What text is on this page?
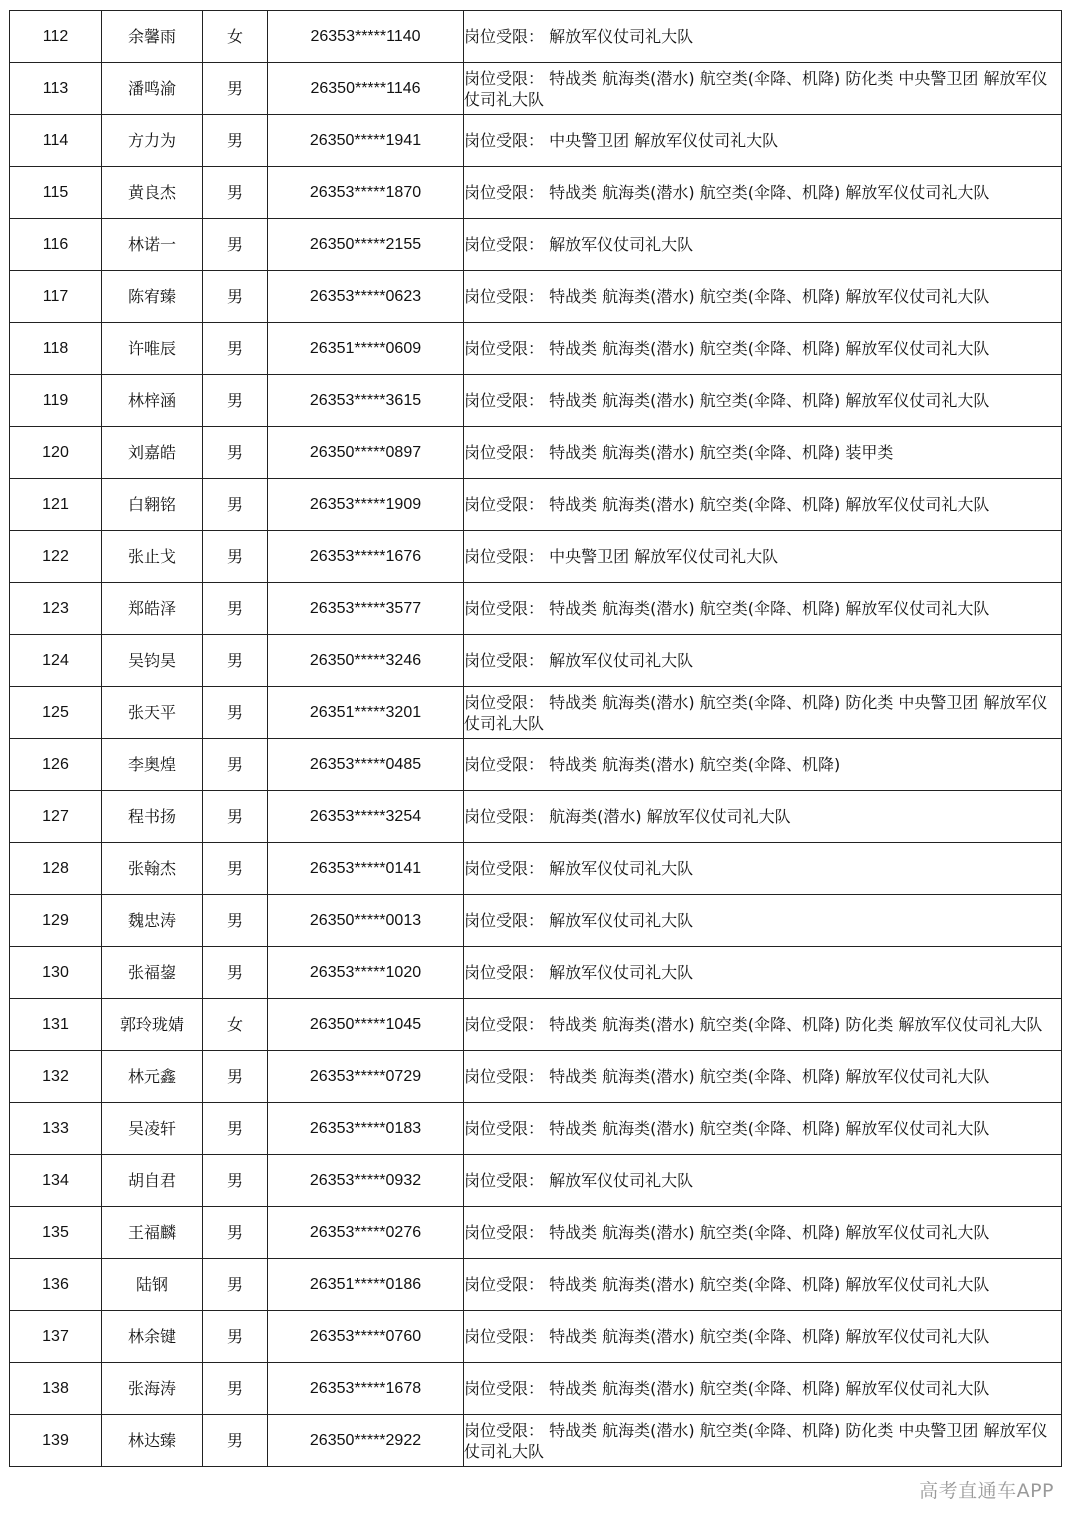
112	余馨雨	女	26353*****1140	岗位受限： 解放军仪仗司礼大队
113	潘鸣渝	男	26350*****1146	岗位受限： 特战类 航海类(潜水) 航空类(伞降、机降) 防化类 中央警卫团 解放军仪仗司礼大队
114	方力为	男	26350*****1941	岗位受限： 中央警卫团 解放军仪仗司礼大队
115	黄良杰	男	26353*****1870	岗位受限： 特战类 航海类(潜水) 航空类(伞降、机降) 解放军仪仗司礼大队
116	林诺一	男	26350*****2155	岗位受限： 解放军仪仗司礼大队
117	陈宥臻	男	26353*****0623	岗位受限： 特战类 航海类(潜水) 航空类(伞降、机降) 解放军仪仗司礼大队
118	许唯辰	男	26351*****0609	岗位受限： 特战类 航海类(潜水) 航空类(伞降、机降) 解放军仪仗司礼大队
119	林梓涵	男	26353*****3615	岗位受限： 特战类 航海类(潜水) 航空类(伞降、机降) 解放军仪仗司礼大队
120	刘嘉皓	男	26350*****0897	岗位受限： 特战类 航海类(潜水) 航空类(伞降、机降) 装甲类
121	白翱铭	男	26353*****1909	岗位受限： 特战类 航海类(潜水) 航空类(伞降、机降) 解放军仪仗司礼大队
122	张止戈	男	26353*****1676	岗位受限： 中央警卫团 解放军仪仗司礼大队
123	郑皓泽	男	26353*****3577	岗位受限： 特战类 航海类(潜水) 航空类(伞降、机降) 解放军仪仗司礼大队
124	吴钧昊	男	26350*****3246	岗位受限： 解放军仪仗司礼大队
125	张天平	男	26351*****3201	岗位受限： 特战类 航海类(潜水) 航空类(伞降、机降) 防化类 中央警卫团 解放军仪仗司礼大队
126	李奥煌	男	26353*****0485	岗位受限： 特战类 航海类(潜水) 航空类(伞降、机降)
127	程书扬	男	26353*****3254	岗位受限： 航海类(潜水) 解放军仪仗司礼大队
128	张翰杰	男	26353*****0141	岗位受限： 解放军仪仗司礼大队
129	魏忠涛	男	26350*****0013	岗位受限： 解放军仪仗司礼大队
130	张福鋆	男	26353*****1020	岗位受限： 解放军仪仗司礼大队
131	郭玲珑婧	女	26350*****1045	岗位受限： 特战类 航海类(潜水) 航空类(伞降、机降) 防化类 解放军仪仗司礼大队
132	林元鑫	男	26353*****0729	岗位受限： 特战类 航海类(潜水) 航空类(伞降、机降) 解放军仪仗司礼大队
133	吴凌轩	男	26353*****0183	岗位受限： 特战类 航海类(潜水) 航空类(伞降、机降) 解放军仪仗司礼大队
134	胡自君	男	26353*****0932	岗位受限： 解放军仪仗司礼大队
135	王福麟	男	26353*****0276	岗位受限： 特战类 航海类(潜水) 航空类(伞降、机降) 解放军仪仗司礼大队
136	陆钢	男	26351*****0186	岗位受限： 特战类 航海类(潜水) 航空类(伞降、机降) 解放军仪仗司礼大队
137	林余键	男	26353*****0760	岗位受限： 特战类 航海类(潜水) 航空类(伞降、机降) 解放军仪仗司礼大队
138	张海涛	男	26353*****1678	岗位受限： 特战类 航海类(潜水) 航空类(伞降、机降) 解放军仪仗司礼大队
139	林达臻	男	26350*****2922	岗位受限： 特战类 航海类(潜水) 航空类(伞降、机降) 防化类 中央警卫团 解放军仪仗司礼大队
高考直通车APP
